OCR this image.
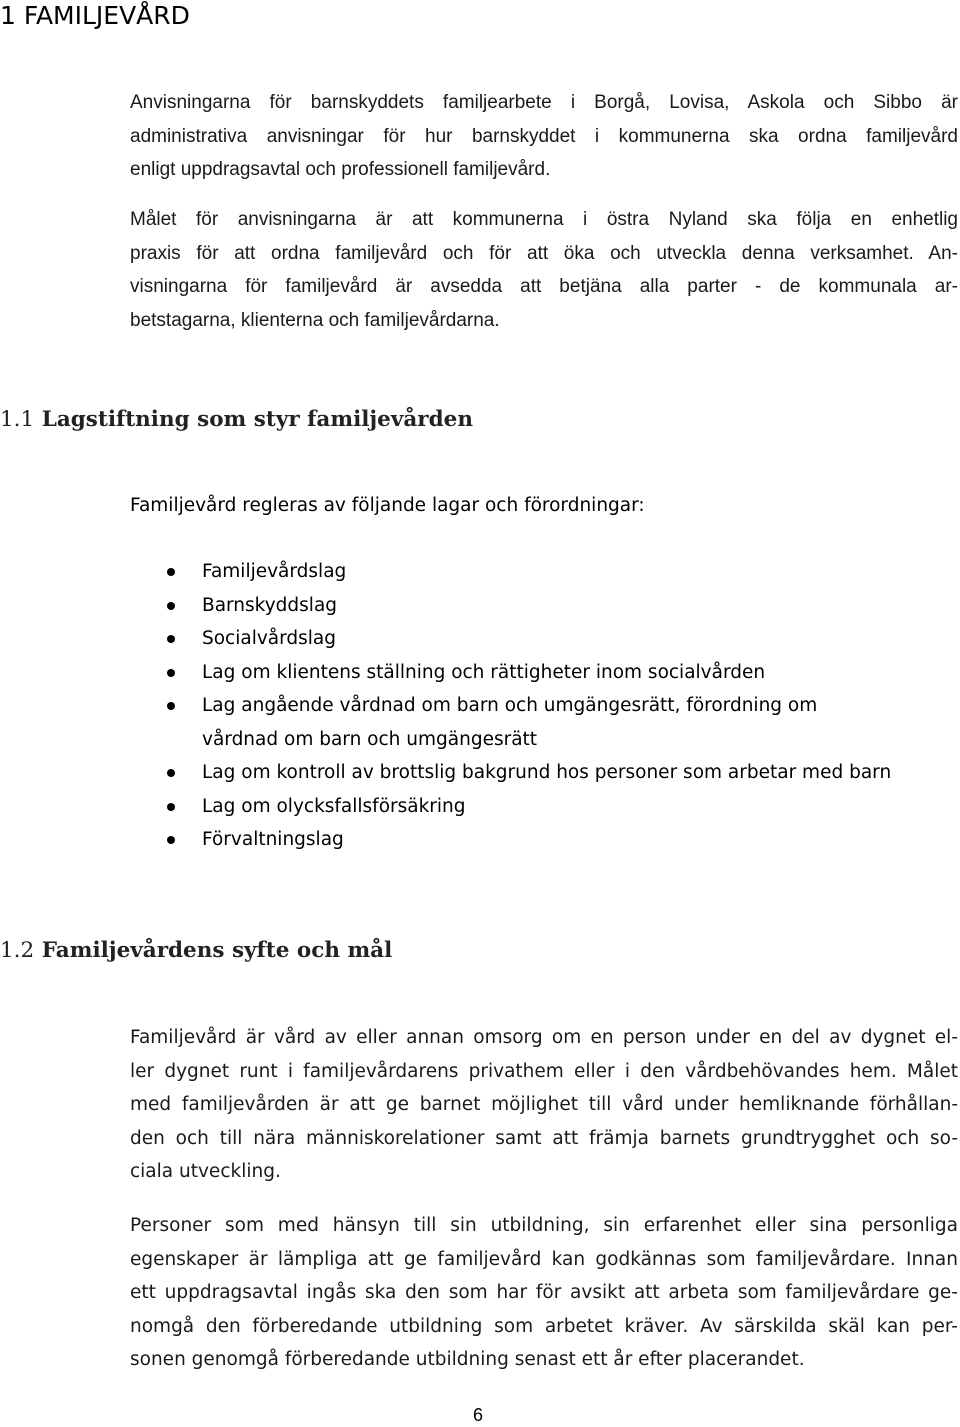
1 FAMILJEVÅRD
Anvisningarna för barnskyddets familjearbete i Borgå, Lovisa, Askola och Sibbo är
administrativa anvisningar för hur barnskyddet i kommunerna ska ordna familjevård
enligt uppdragsavtal och professionell familjevård.
Målet för anvisningarna är att kommunerna i östra Nyland ska följa en enhetlig
praxis för att ordna familjevård och för att öka och utveckla denna verksamhet. An-
visningarna för familjevård är avsedda att betjäna alla parter - de kommunala ar-
betstagarna, klienterna och familjevårdarna.
1.1 Lagstiftning som styr familjevården

Familjevård regleras av följande lagar och förordningar:

Familjevårdslag
Barnskyddslag
Socialvårdslag
Lag om klientens ställning och rättigheter inom socialvården
Lag angående vårdnad om barn och umgängesrätt, förordning om vårdnad om barn och umgängesrätt
Lag om kontroll av brottslig bakgrund hos personer som arbetar med barn
Lag om olycksfallsförsäkring
Förvaltningslag
1.2 Familjevårdens syfte och mål
Familjevård är vård av eller annan omsorg om en person under en del av dygnet el-
ler dygnet runt i familjevårdarens privathem eller i den vårdbehövandes hem. Målet
med familjevården är att ge barnet möjlighet till vård under hemliknande förhållan-
den och till nära människorelationer samt att främja barnets grundtrygghet och so-
ciala utveckling.
Personer som med hänsyn till sin utbildning, sin erfarenhet eller sina personliga
egenskaper är lämpliga att ge familjevård kan godkännas som familjevårdare. Innan
ett uppdragsavtal ingås ska den som har för avsikt att arbeta som familjevårdare ge-
nomgå den förberedande utbildning som arbetet kräver. Av särskilda skäl kan per-
sonen genomgå förberedande utbildning senast ett år efter placerandet.
6
